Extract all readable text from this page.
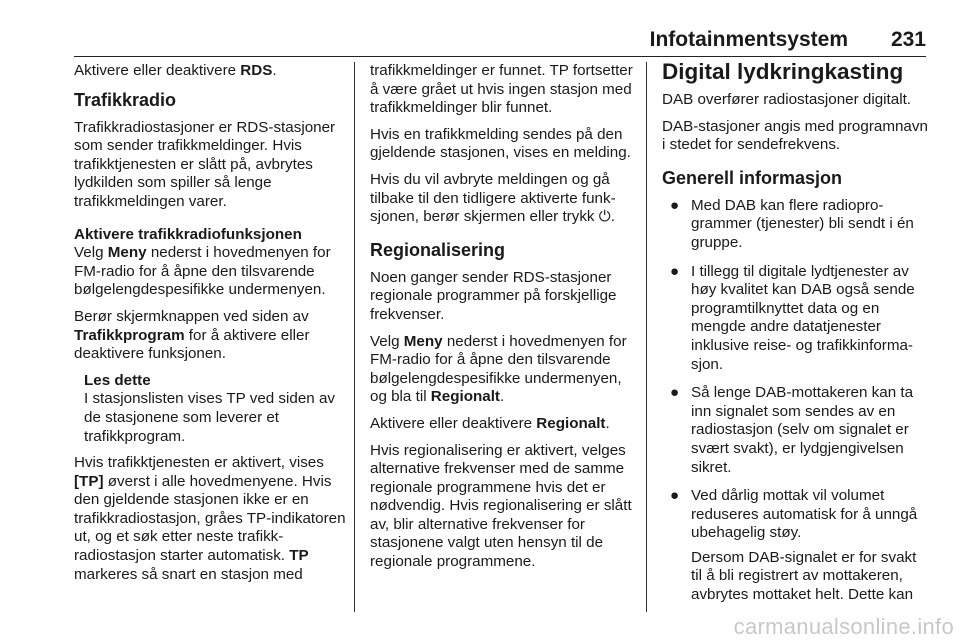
Infotainmentsystem 231

Aktivere eller deaktivere RDS.

Trafikkradio

Trafikkradiostasjoner er RDS-stasjoner som sender trafikkmeldinger. Hvis trafikktjenesten er slått på, avbrytes lydkilden som spiller så lenge trafikkmeldingen varer.

Aktivere trafikkradiofunksjonen

Velg Meny nederst i hovedmenyen for FM-radio for å åpne den tilsvarende bølgelengdespesifikke undermenyen.

Berør skjermknappen ved siden av Trafikkprogram for å aktivere eller deaktivere funksjonen.

Les dette

I stasjonslisten vises TP ved siden av de stasjonene som leverer et trafikkprogram.

Hvis trafikktjenesten er aktivert, vises [TP] øverst i alle hovedmenyene. Hvis den gjeldende stasjonen ikke er en trafikkradiostasjon, gråes TP-indikatoren ut, og et søk etter neste trafikkradiostasjon starter automatisk. TP markeres så snart en stasjon med

trafikkmeldinger er funnet. TP fortsetter å være grået ut hvis ingen stasjon med trafikkmeldinger blir funnet.

Hvis en trafikkmelding sendes på den gjeldende stasjonen, vises en melding.

Hvis du vil avbryte meldingen og gå tilbake til den tidligere aktiverte funksjonen, berør skjermen eller trykk ⏻.

Regionalisering

Noen ganger sender RDS-stasjoner regionale programmer på forskjellige frekvenser.

Velg Meny nederst i hovedmenyen for FM-radio for å åpne den tilsvarende bølgelengdespesifikke undermenyen, og bla til Regionalt.

Aktivere eller deaktivere Regionalt.

Hvis regionalisering er aktivert, velges alternative frekvenser med de samme regionale programmene hvis det er nødvendig. Hvis regionalisering er slått av, blir alternative frekvenser for stasjonene valgt uten hensyn til de regionale programmene.

Digital lydkringkasting

DAB overfører radiostasjoner digitalt.

DAB-stasjoner angis med programnavn i stedet for sendefrekvens.

Generell informasjon
● Med DAB kan flere radioprogrammer (tjenester) bli sendt i én gruppe.
● I tillegg til digitale lydtjenester av høy kvalitet kan DAB også sende programtilknyttet data og en mengde andre datatjenester inklusive reise- og trafikkinformasjon.
● Så lenge DAB-mottakeren kan ta inn signalet som sendes av en radiostasjon (selv om signalet er svært svakt), er lydgjengivelsen sikret.
● Ved dårlig mottak vil volumet reduseres automatisk for å unngå ubehagelig støy.

Dersom DAB-signalet er for svakt til å bli registrert av mottakeren, avbrytes mottaket helt. Dette kan

carmanualsonline.info
